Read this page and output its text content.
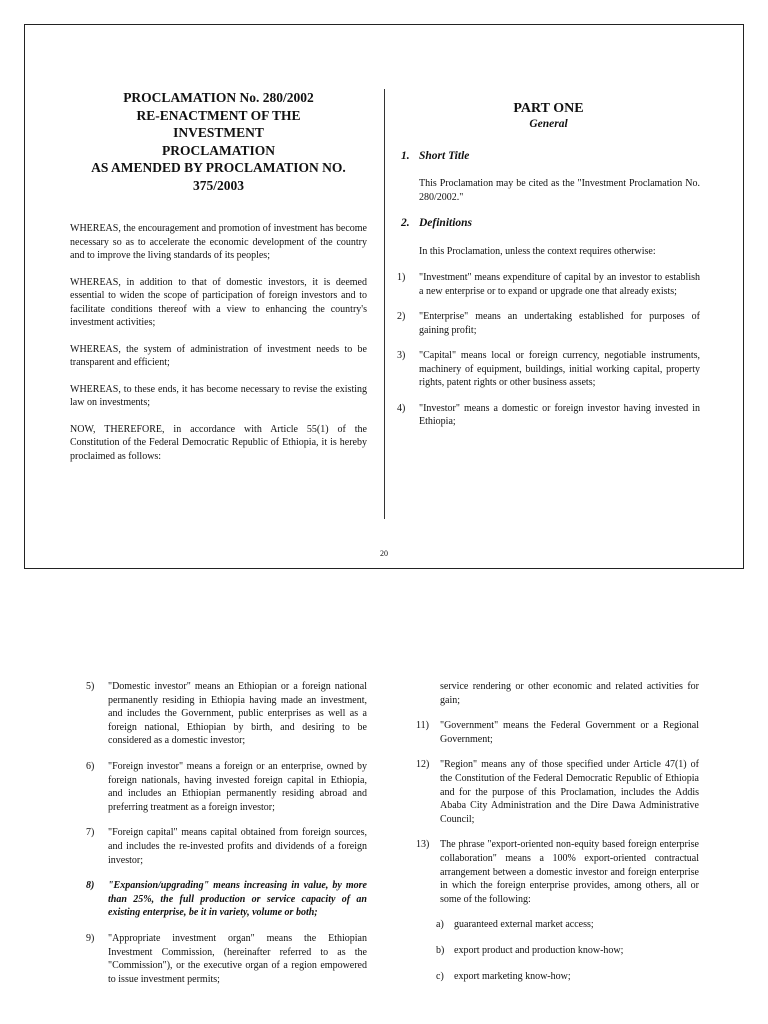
PROCLAMATION No. 280/2002
RE-ENACTMENT OF THE
INVESTMENT
PROCLAMATION
AS AMENDED BY PROCLAMATION NO.
375/2003

WHEREAS, the encouragement and promotion of investment has become necessary so as to accelerate the economic development of the country and to improve the living standards of its peoples;

WHEREAS, in addition to that of domestic investors, it is deemed essential to widen the scope of participation of foreign investors and to facilitate conditions thereof with a view to enhancing the country's investment activities;

WHEREAS, the system of administration of investment needs to be transparent and efficient;

WHEREAS, to these ends, it has become necessary to revise the existing law on investments;

NOW, THEREFORE, in accordance with Article 55(1) of the Constitution of the Federal Democratic Republic of Ethiopia, it is hereby proclaimed as follows:

PART ONE

General

1. Short Title

This Proclamation may be cited as the "Investment Proclamation No. 280/2002."

2. Definitions

In this Proclamation, unless the context requires otherwise:

1)	"Investment" means expenditure of capital by an investor to establish a new enterprise or to expand or upgrade one that already exists;
2)	"Enterprise" means an undertaking established for purposes of gaining profit;
3)	"Capital" means local or foreign currency, negotiable instruments, machinery of equipment, buildings, initial working capital, property rights, patent rights or other business assets;
4)	"Investor" means a domestic or foreign investor having invested in Ethiopia;
20
5)	"Domestic investor" means an Ethiopian or a foreign national permanently residing in Ethiopia having made an investment, and includes the Government, public enterprises as well as a foreign national, Ethiopian by birth, and desiring to be considered as a domestic investor;
6)	"Foreign investor" means a foreign or an enterprise, owned by foreign nationals, having invested foreign capital in Ethiopia, and includes an Ethiopian permanently residing abroad and preferring treatment as a foreign investor;
7)	"Foreign capital" means capital obtained from foreign sources, and includes the re-invested profits and dividends of a foreign investor;
8)	"Expansion/upgrading" means increasing in value, by more than 25%, the full production or service capacity of an existing enterprise, be it in variety, volume or both;
9)	"Appropriate investment organ" means the Ethiopian Investment Commission, (hereinafter referred to as the "Commission"), or the executive organ of a region empowered to issue investment permits;

service rendering or other economic and related activities for gain;

11)	"Government" means the Federal Government or a Regional Government;
12)	"Region" means any of those specified under Article 47(1) of the Constitution of the Federal Democratic Republic of Ethiopia and for the purpose of this Proclamation, includes the Addis Ababa City Administration and the Dire Dawa Administrative Council;
13)	The phrase "export-oriented non-equity based foreign enterprise collaboration" means a 100% export-oriented contractual arrangement between a domestic investor and foreign enterprise in which the foreign enterprise provides, among others, all or some of the following:
a)	guaranteed external market access;
b) export product and production know-how;
c)	export marketing know-how;
